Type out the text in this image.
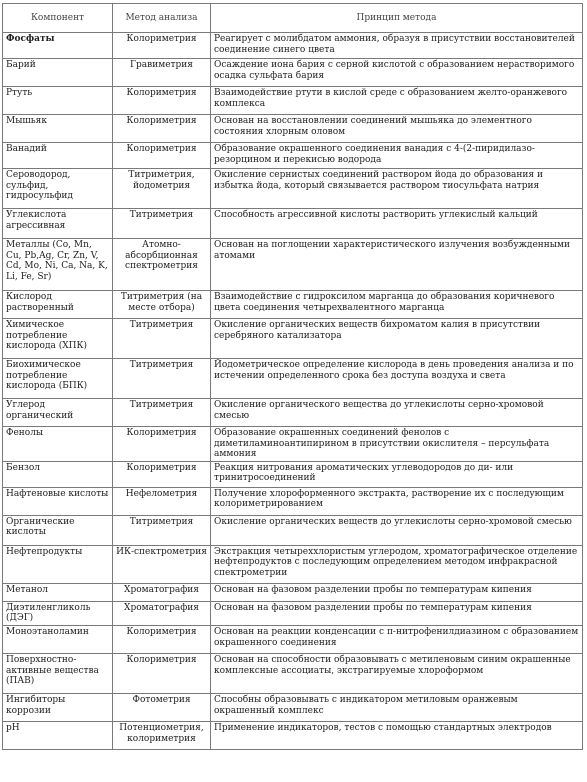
Компонент	Метод анализа	Принцип метода
Фосфаты	Колориметрия	Реагирует с молибдатом аммония, образуя в присутствии восстановителей соединение синего цвета
Барий	Гравиметрия	Осаждение иона бария с серной кислотой с образованием нерастворимого осадка сульфата бария
Ртуть	Колориметрия	Взаимодействие ртути в кислой среде с образованием желто-оранжевого комплекса
Мышьяк	Колориметрия	Основан на восстановлении соединений мышьяка до элементного состояния хлорным оловом
Ванадий	Колориметрия	Образование окрашенного соединения ванадия с 4-(2-пиридилазо-резорцином и перекисью водорода
Сероводород, сульфид, гидросульфид	Титриметрия, йодометрия	Окисление сернистых соединений раствором йода до образования и избытка йода, который связывается раствором тиосульфата натрия
Углекислота агрессивная	Титриметрия	Способность агрессивной кислоты растворить углекислый кальций
Металлы (Со, Mn, Cu, Pb,Ag, Cr, Zn, V, Cd, Mo, Ni, Ca, Na, K, Li, Fe, Sr)	Атомно-абсорбционная спектрометрия	Основан на поглощении характеристического излучения возбужденными атомами
Кислород растворенный	Титриметрия (на месте отбора)	Взаимодействие с гидроксилом марганца до образования коричневого цвета соединения четырехвалентного марганца
Химическое потребление кислорода (ХПК)	Титриметрия	Окисление органических веществ бихроматом калия в присутствии серебряного катализатора
Биохимическое потребление кислорода (БПК)	Титриметрия	Йодометрическое определение кислорода в день проведения анализа и по истечении определенного срока без доступа воздуха и света
Углерод органический	Титриметрия	Окисление органического вещества до углекислоты серно-хромовой смесью
Фенолы	Колориметрия	Образование окрашенных соединений фенолов с диметиламиноантипирином в присутствии окислителя – персульфата аммония
Бензол	Колориметрия	Реакция нитрования ароматических углеводородов до ди- или тринитросоединений
Нафтеновые кислоты	Нефелометрия	Получение хлороформенного экстракта, растворение их с последующим колориметрированием
Органические кислоты	Титриметрия	Окисление органических веществ до углекислоты серно-хромовой смесью
Нефтепродукты	ИК-спектрометрия	Экстракция четыреххлористым углеродом, хроматографическое отделение нефтепродуктов с последующим определением методом инфракрасной спектрометрии
Метанол	Хроматография	Основан на фазовом разделении пробы по температурам кипения
Диэтиленгликоль (ДЭГ)	Хроматография	Основан на фазовом разделении пробы по температурам кипения
Моноэтаноламин	Колориметрия	Основан на реакции конденсации с п-нитрофенилдиазином с образованием окрашенного соединения
Поверхностно-активные вещества (ПАВ)	Колориметрия	Основан на способности образовывать с метиленовым синим окрашенные комплексные ассоциаты, экстрагируемые хлороформом
Ингибиторы коррозии	Фотометрия	Способны образовывать с индикатором метиловым оранжевым окрашенный комплекс
pH	Потенциометрия, колориметрия	Применение индикаторов, тестов с помощью стандартных электродов
